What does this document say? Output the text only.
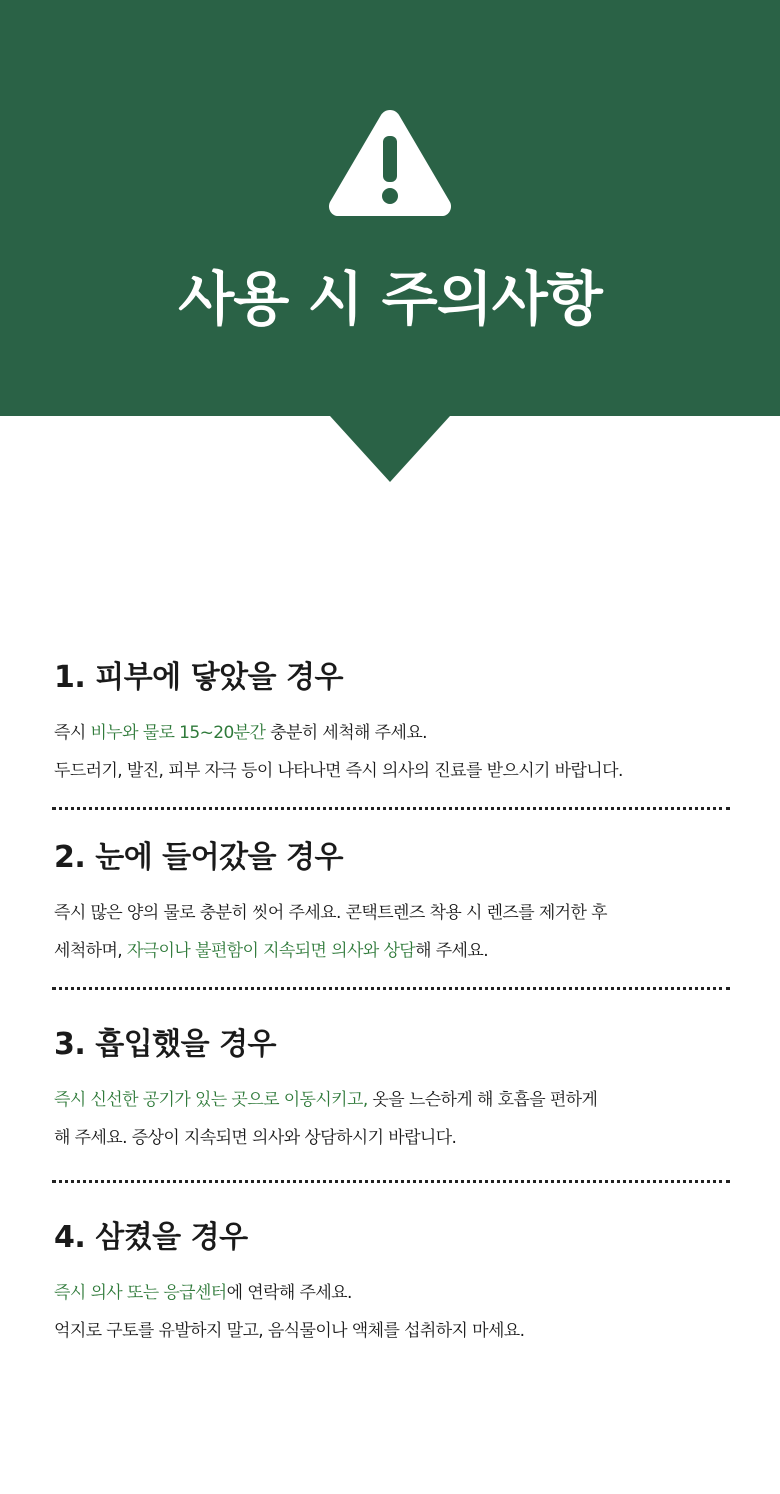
사용 시 주의사항
1. 피부에 닿았을 경우

즉시 비누와 물로 15~20분간 충분히 세척해 주세요.
두드러기, 발진, 피부 자극 등이 나타나면 즉시 의사의 진료를 받으시기 바랍니다.

2. 눈에 들어갔을 경우

즉시 많은 양의 물로 충분히 씻어 주세요. 콘택트렌즈 착용 시 렌즈를 제거한 후
세척하며, 자극이나 불편함이 지속되면 의사와 상담해 주세요.

3. 흡입했을 경우

즉시 신선한 공기가 있는 곳으로 이동시키고, 옷을 느슨하게 해 호흡을 편하게
해 주세요. 증상이 지속되면 의사와 상담하시기 바랍니다.

4. 삼켰을 경우

즉시 의사 또는 응급센터에 연락해 주세요.
억지로 구토를 유발하지 말고, 음식물이나 액체를 섭취하지 마세요.
